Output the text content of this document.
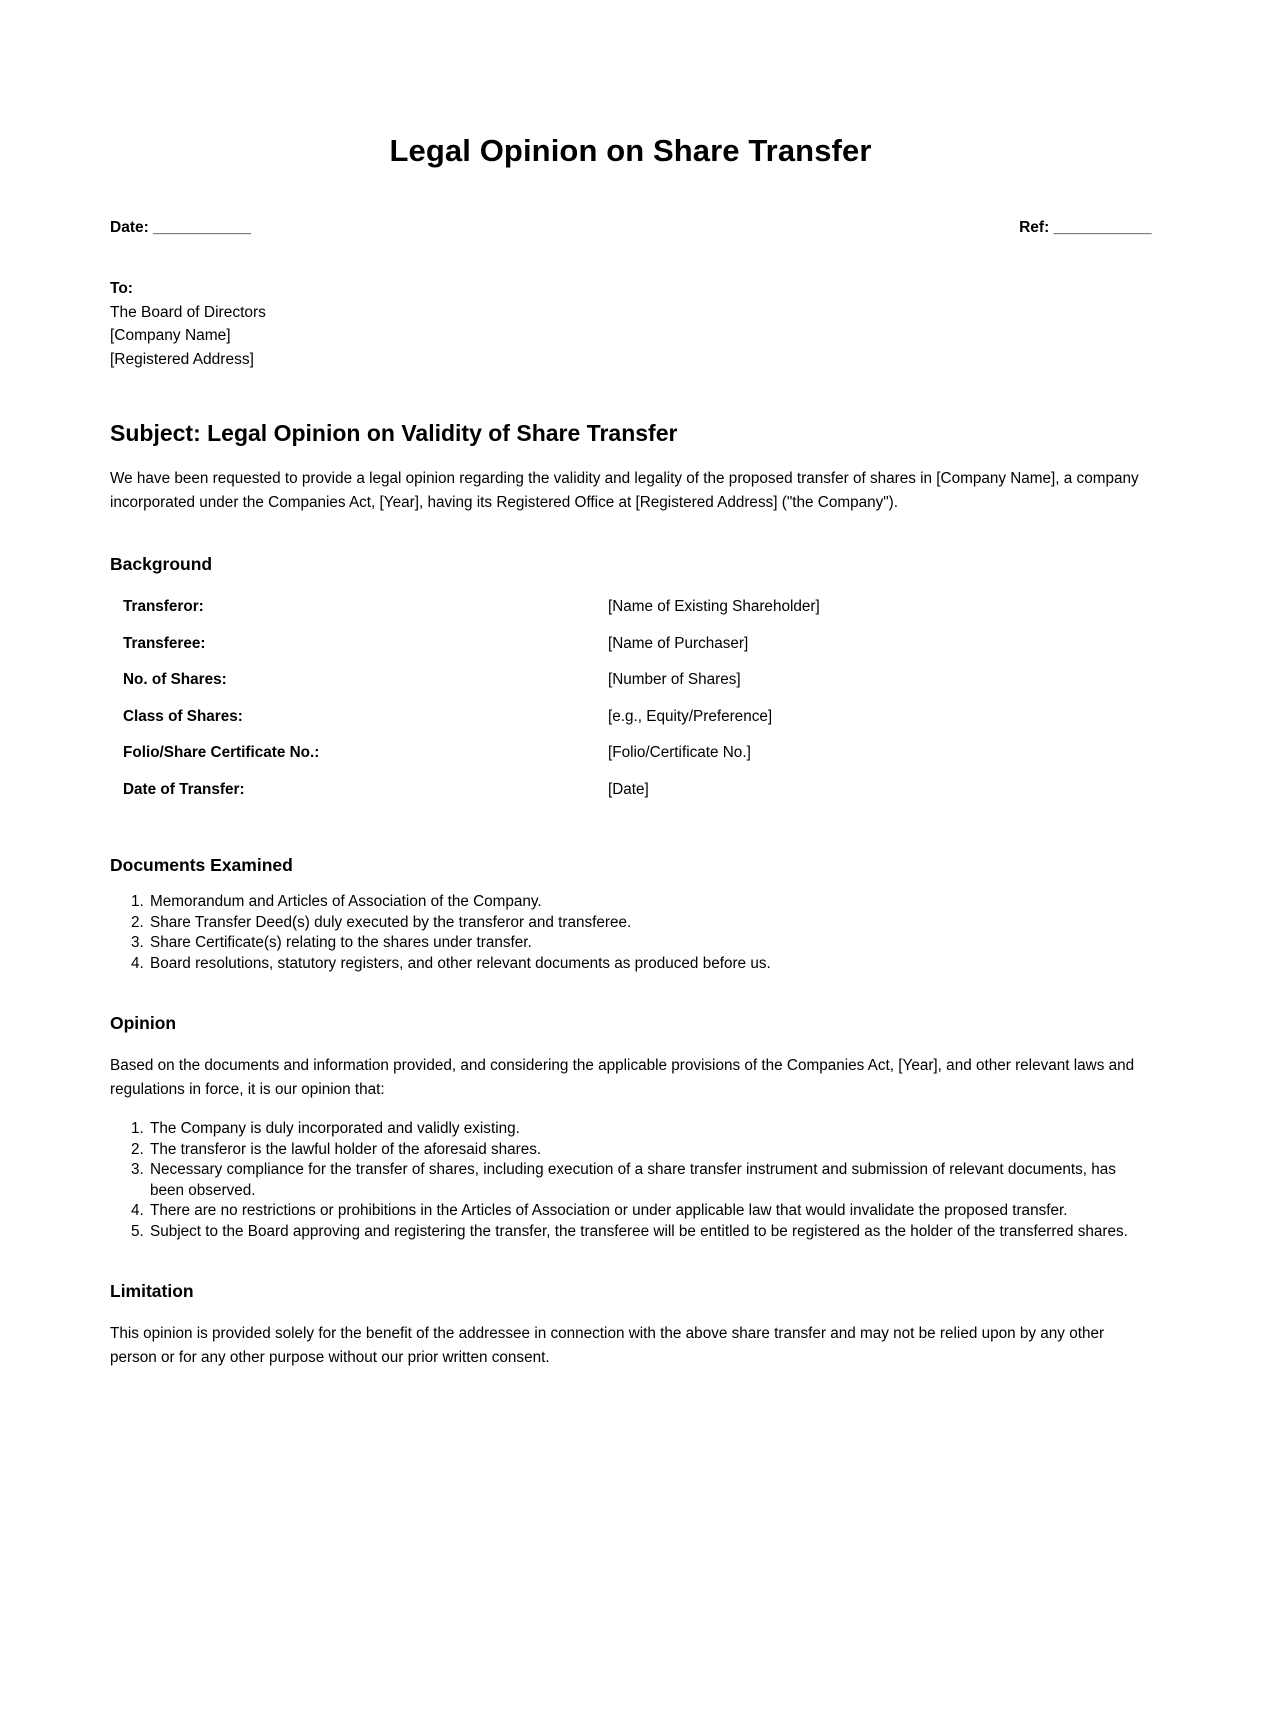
Legal Opinion on Share Transfer
Date: ____________	Ref: ____________
To:
The Board of Directors
[Company Name]
[Registered Address]
Subject: Legal Opinion on Validity of Share Transfer

We have been requested to provide a legal opinion regarding the validity and legality of the proposed transfer of shares in [Company Name], a company incorporated under the Companies Act, [Year], having its Registered Office at [Registered Address] ("the Company").

Background
Transferor:	[Name of Existing Shareholder]
Transferee:	[Name of Purchaser]
No. of Shares:	[Number of Shares]
Class of Shares:	[e.g., Equity/Preference]
Folio/Share Certificate No.:	[Folio/Certificate No.]
Date of Transfer:	[Date]
Documents Examined
1. Memorandum and Articles of Association of the Company.
2. Share Transfer Deed(s) duly executed by the transferor and transferee.
3. Share Certificate(s) relating to the shares under transfer.
4. Board resolutions, statutory registers, and other relevant documents as produced before us.
Opinion

Based on the documents and information provided, and considering the applicable provisions of the Companies Act, [Year], and other relevant laws and regulations in force, it is our opinion that:

1. The Company is duly incorporated and validly existing.
2. The transferor is the lawful holder of the aforesaid shares.
3. Necessary compliance for the transfer of shares, including execution of a share transfer instrument and submission of relevant documents, has been observed.
4. There are no restrictions or prohibitions in the Articles of Association or under applicable law that would invalidate the proposed transfer.
5. Subject to the Board approving and registering the transfer, the transferee will be entitled to be registered as the holder of the transferred shares.
Limitation

This opinion is provided solely for the benefit of the addressee in connection with the above share transfer and may not be relied upon by any other person or for any other purpose without our prior written consent.
